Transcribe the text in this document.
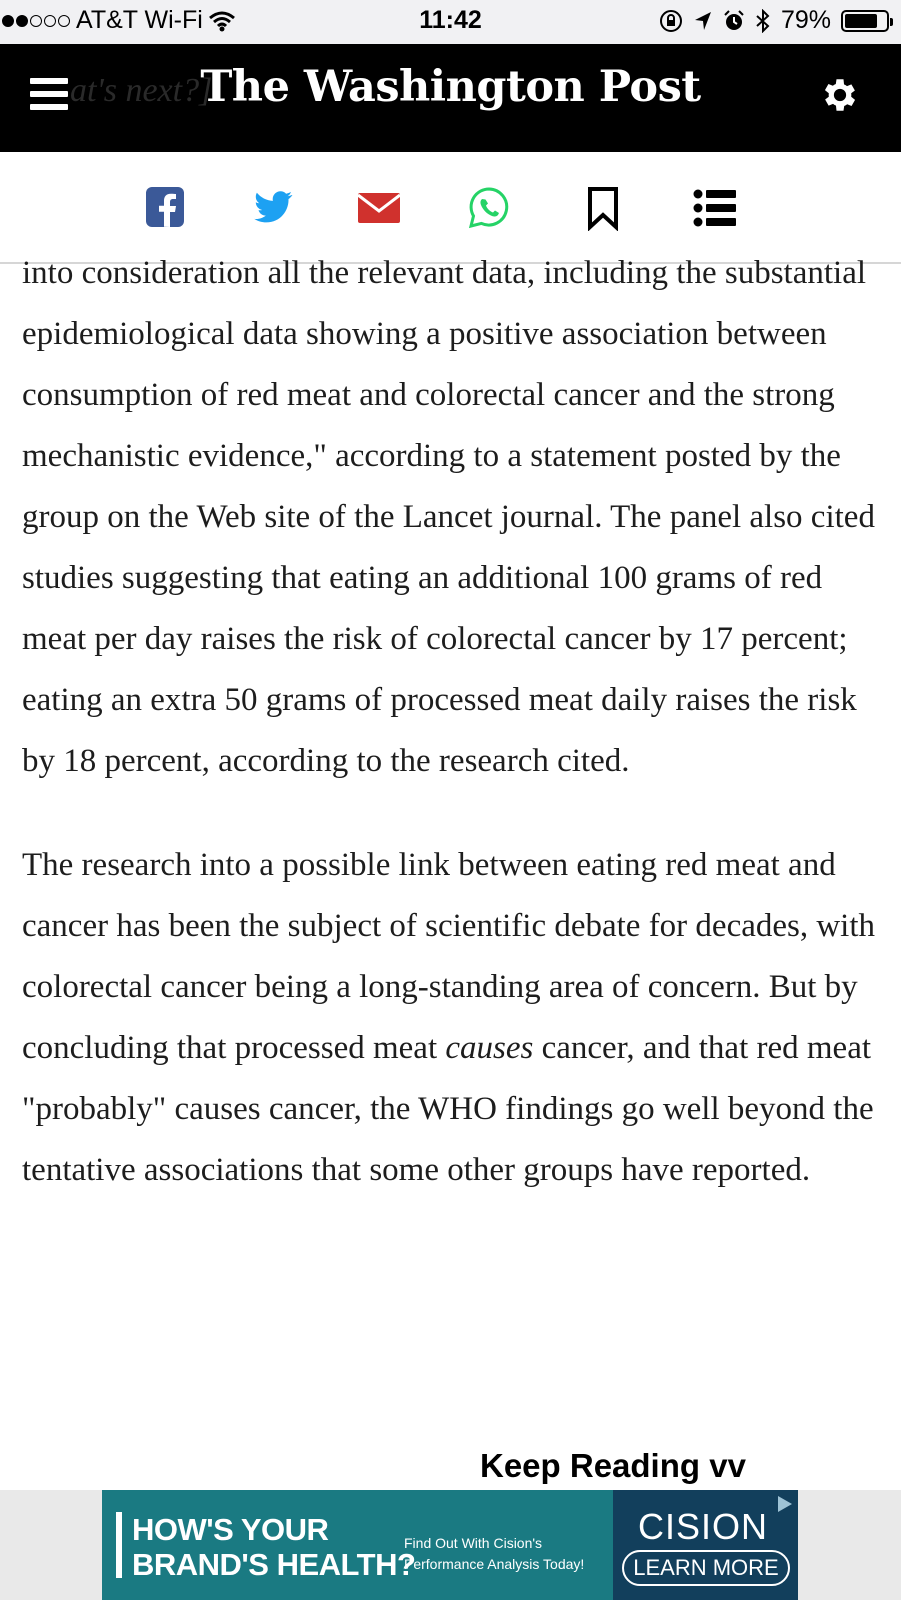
AT&T Wi-Fi	11:42	79%
at's next?]
The Washington Post

into consideration all the relevant data, including the substantial epidemiological data showing a positive association between consumption of red meat and colorectal cancer and the strong mechanistic evidence," according to a statement posted by the group on the Web site of the Lancet journal. The panel also cited studies suggesting that eating an additional 100 grams of red meat per day raises the risk of colorectal cancer by 17 percent; eating an extra 50 grams of processed meat daily raises the risk by 18 percent, according to the research cited.

The research into a possible link between eating red meat and cancer has been the subject of scientific debate for decades, with colorectal cancer being a long-standing area of concern. But by concluding that processed meat causes cancer, and that red meat "probably" causes cancer, the WHO findings go well beyond the tentative associations that some other groups have reported.

Keep Reading vv
HOW'S YOUR
BRAND'S HEALTH?
Find Out With Cision's
Performance Analysis Today!
CISION
LEARN MORE
